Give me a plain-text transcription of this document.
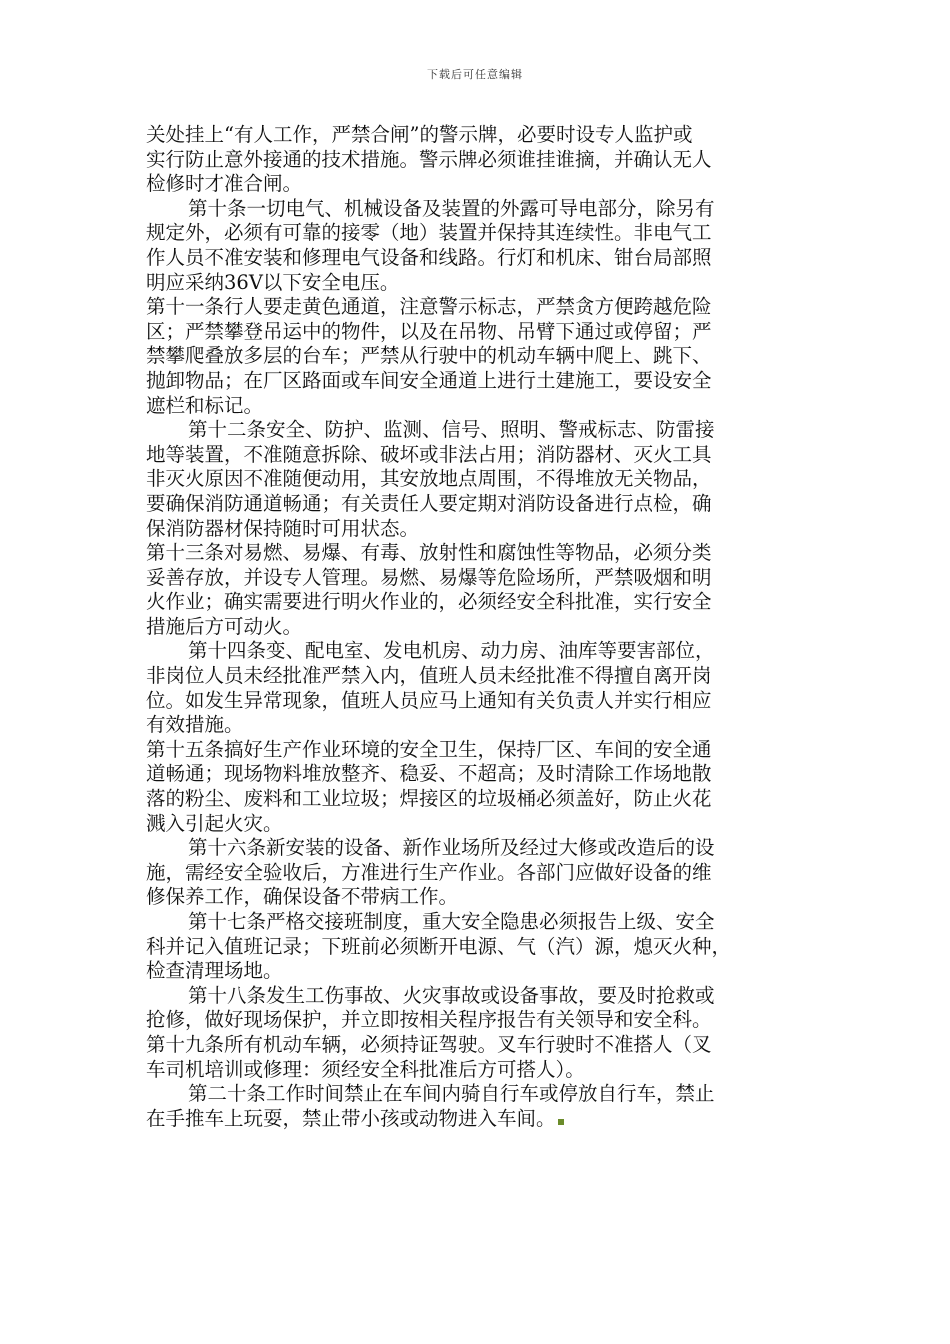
下载后可任意编辑
关处挂上“有人工作，严禁合闸”的警示牌，必要时设专人监护或
实行防止意外接通的技术措施。警示牌必须谁挂谁摘，并确认无人
检修时才准合闸。
第十条一切电气、机械设备及装置的外露可导电部分，除另有
规定外，必须有可靠的接零（地）装置并保持其连续性。非电气工
作人员不准安装和修理电气设备和线路。行灯和机床、钳台局部照
明应采纳36V以下安全电压。
第十一条行人要走黄色通道，注意警示标志，严禁贪方便跨越危险
区；严禁攀登吊运中的物件，以及在吊物、吊臂下通过或停留；严
禁攀爬叠放多层的台车；严禁从行驶中的机动车辆中爬上、跳下、
抛卸物品；在厂区路面或车间安全通道上进行土建施工，要设安全
遮栏和标记。
第十二条安全、防护、监测、信号、照明、警戒标志、防雷接
地等装置，不准随意拆除、破坏或非法占用；消防器材、灭火工具
非灭火原因不准随便动用，其安放地点周围，不得堆放无关物品，
要确保消防通道畅通；有关责任人要定期对消防设备进行点检，确
保消防器材保持随时可用状态。
第十三条对易燃、易爆、有毒、放射性和腐蚀性等物品，必须分类
妥善存放，并设专人管理。易燃、易爆等危险场所，严禁吸烟和明
火作业；确实需要进行明火作业的，必须经安全科批准，实行安全
措施后方可动火。
第十四条变、配电室、发电机房、动力房、油库等要害部位，
非岗位人员未经批准严禁入内，值班人员未经批准不得擅自离开岗
位。如发生异常现象，值班人员应马上通知有关负责人并实行相应
有效措施。
第十五条搞好生产作业环境的安全卫生，保持厂区、车间的安全通
道畅通；现场物料堆放整齐、稳妥、不超高；及时清除工作场地散
落的粉尘、废料和工业垃圾；焊接区的垃圾桶必须盖好，防止火花
溅入引起火灾。
第十六条新安装的设备、新作业场所及经过大修或改造后的设
施，需经安全验收后，方准进行生产作业。各部门应做好设备的维
修保养工作，确保设备不带病工作。
第十七条严格交接班制度，重大安全隐患必须报告上级、安全
科并记入值班记录；下班前必须断开电源、气（汽）源，熄灭火种，
检查清理场地。
第十八条发生工伤事故、火灾事故或设备事故，要及时抢救或
抢修，做好现场保护，并立即按相关程序报告有关领导和安全科。
第十九条所有机动车辆，必须持证驾驶。叉车行驶时不准搭人（叉
车司机培训或修理：须经安全科批准后方可搭人）。
第二十条工作时间禁止在车间内骑自行车或停放自行车，禁止
在手推车上玩耍，禁止带小孩或动物进入车间。
